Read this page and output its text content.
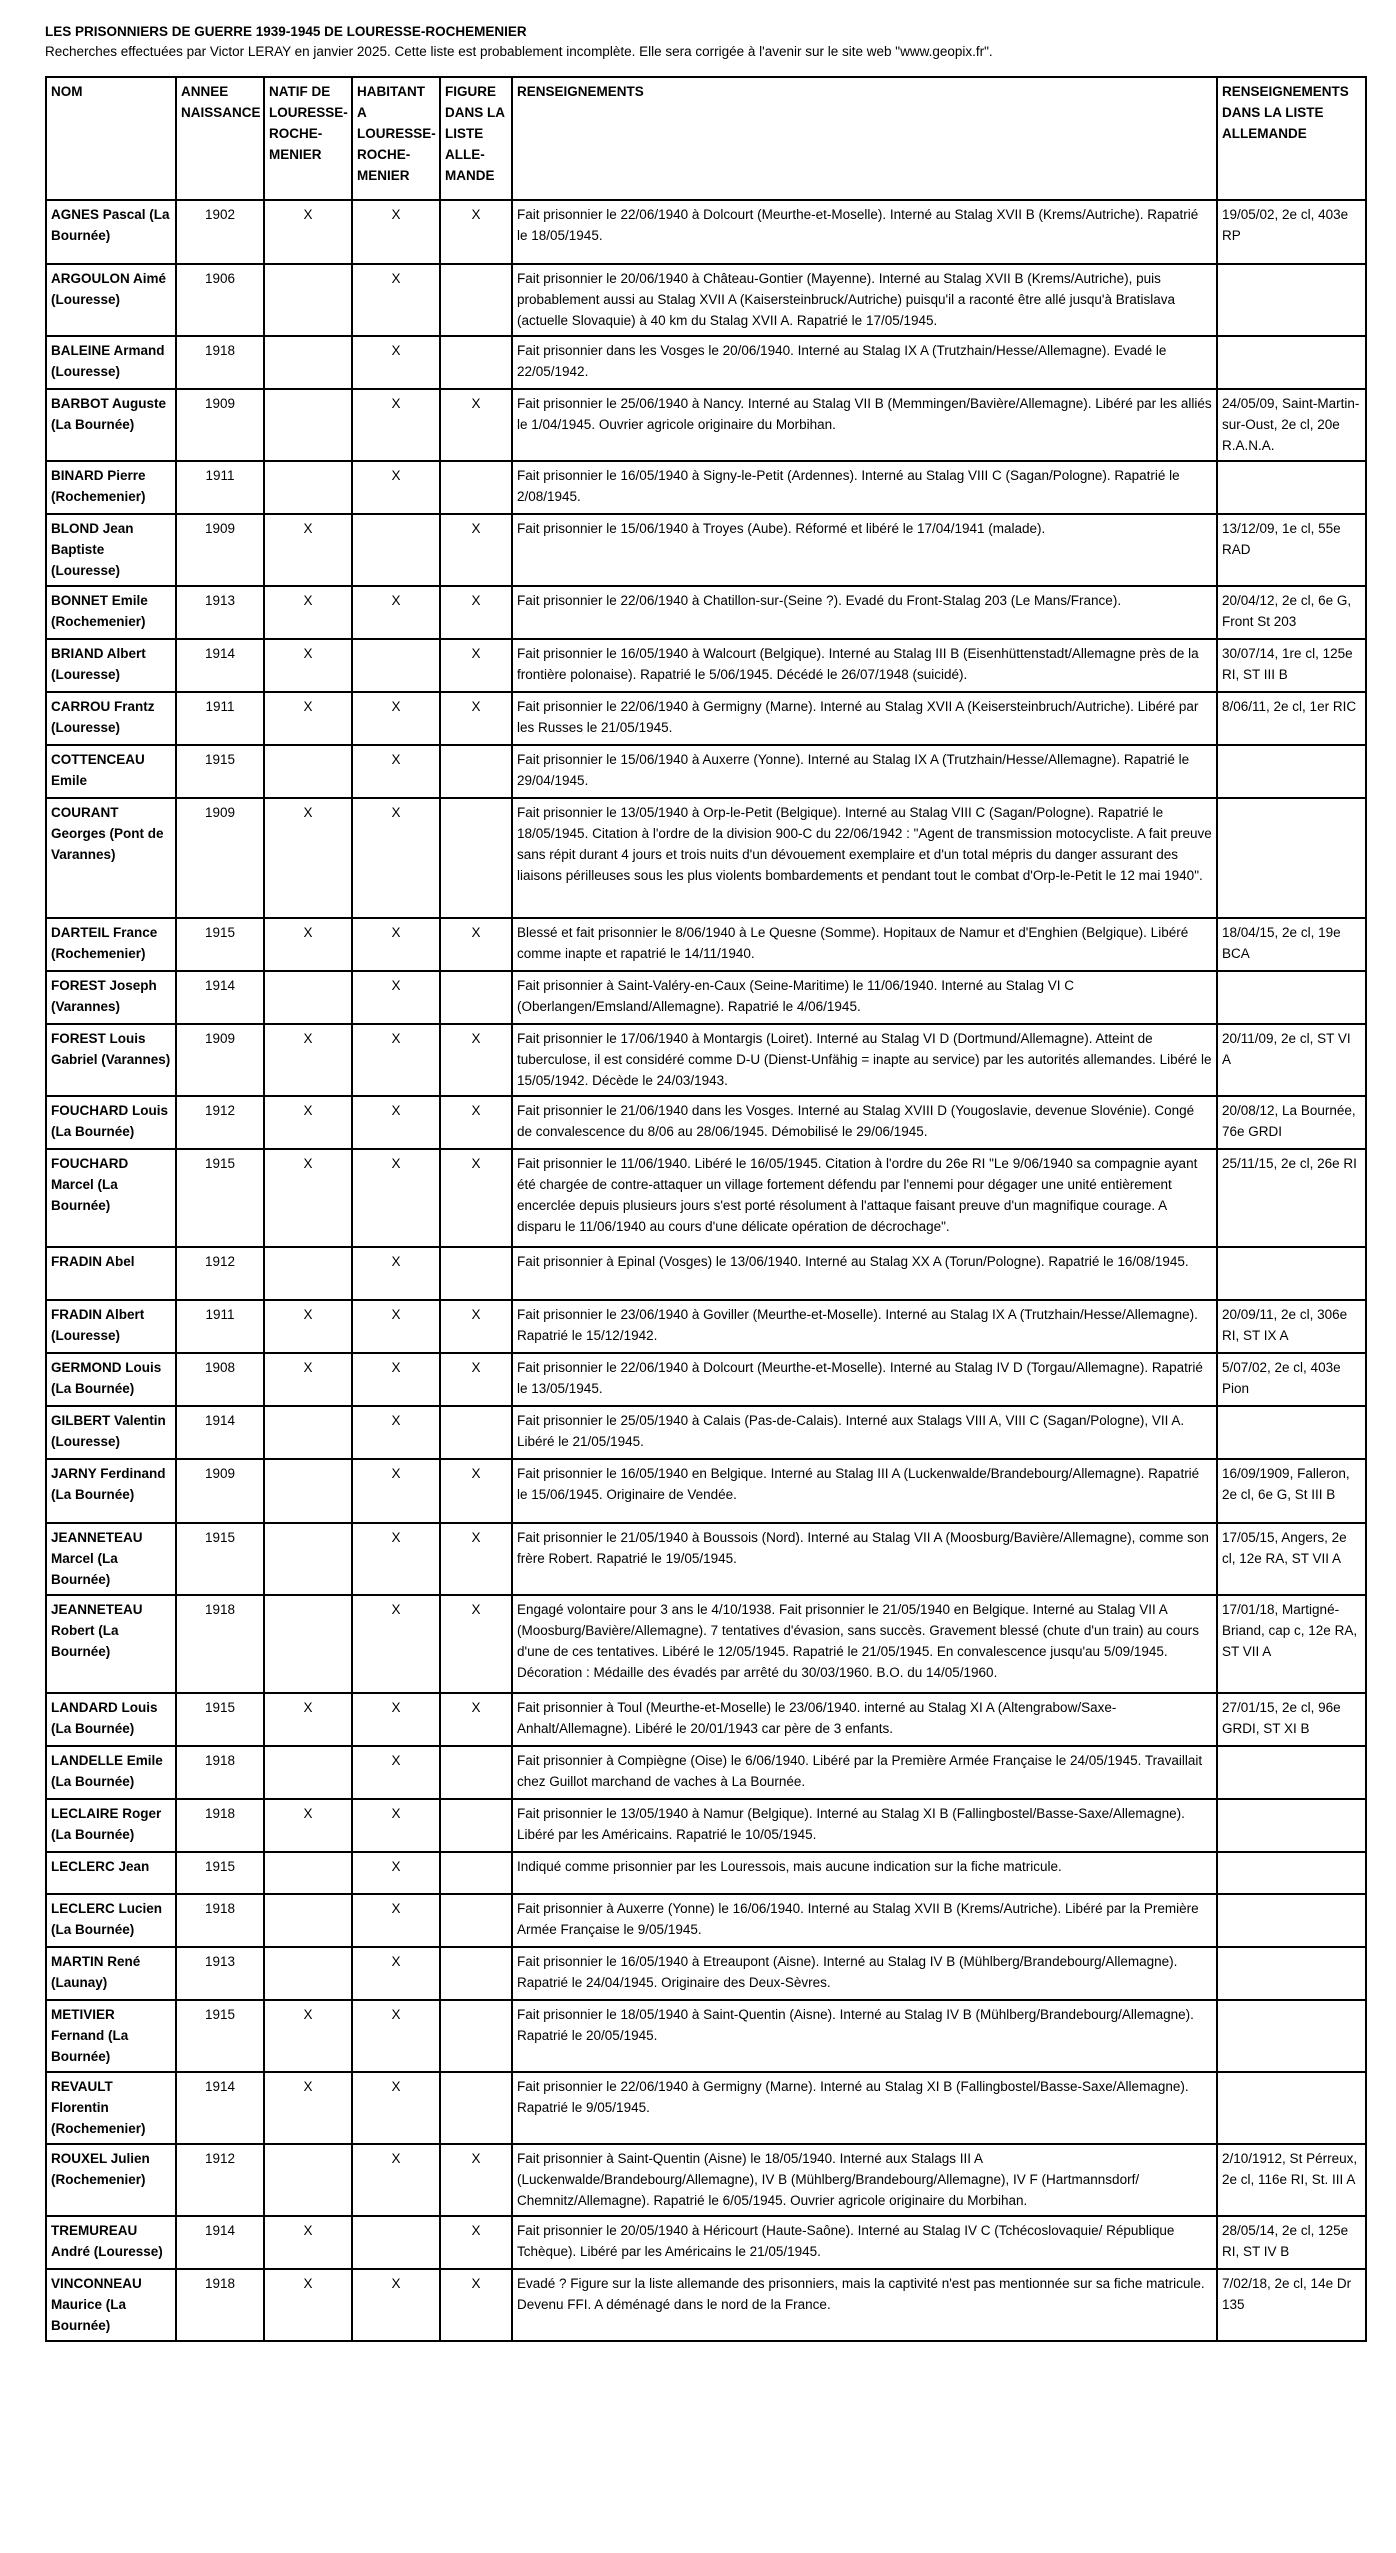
LES PRISONNIERS DE GUERRE 1939-1945 DE LOURESSE-ROCHEMENIER
Recherches effectuées par Victor LERAY en janvier 2025. Cette liste est probablement incomplète. Elle sera corrigée à l'avenir sur le site web "www.geopix.fr".
NOM	ANNEE NAISSANCE	NATIF DE LOURESSE-ROCHE-MENIER	HABITANT A LOURESSE-ROCHE-MENIER	FIGURE DANS LA LISTE ALLE-MANDE	RENSEIGNEMENTS	RENSEIGNEMENTS DANS LA LISTE ALLEMANDE
AGNES Pascal (La Bournée)	1902	X	X	X	Fait prisonnier le 22/06/1940 à Dolcourt (Meurthe-et-Moselle). Interné au Stalag XVII B (Krems/Autriche). Rapatrié le 18/05/1945.	19/05/02, 2e cl, 403e RP
ARGOULON Aimé (Louresse)	1906		X		Fait prisonnier le 20/06/1940 à Château-Gontier (Mayenne). Interné au Stalag XVII B (Krems/Autriche), puis probablement aussi au Stalag XVII A (Kaisersteinbruck/Autriche) puisqu'il a raconté être allé jusqu'à Bratislava (actuelle Slovaquie) à 40 km du Stalag XVII A. Rapatrié le 17/05/1945.	
BALEINE Armand (Louresse)	1918		X		Fait prisonnier dans les Vosges le 20/06/1940. Interné au Stalag IX A (Trutzhain/Hesse/Allemagne). Evadé le 22/05/1942.	
BARBOT Auguste (La Bournée)	1909		X	X	Fait prisonnier le 25/06/1940 à Nancy. Interné au Stalag VII B (Memmingen/Bavière/Allemagne). Libéré par les alliés le 1/04/1945. Ouvrier agricole originaire du Morbihan.	24/05/09, Saint-Martin-sur-Oust, 2e cl, 20e R.A.N.A.
BINARD Pierre (Rochemenier)	1911		X		Fait prisonnier le 16/05/1940 à Signy-le-Petit (Ardennes). Interné au Stalag VIII C (Sagan/Pologne). Rapatrié le 2/08/1945.	
BLOND Jean Baptiste (Louresse)	1909	X		X	Fait prisonnier le 15/06/1940 à Troyes (Aube). Réformé et libéré le 17/04/1941 (malade).	13/12/09, 1e cl, 55e RAD
BONNET Emile (Rochemenier)	1913	X	X	X	Fait prisonnier le 22/06/1940 à Chatillon-sur-(Seine ?). Evadé du Front-Stalag 203 (Le Mans/France).	20/04/12, 2e cl, 6e G, Front St 203
BRIAND Albert (Louresse)	1914	X		X	Fait prisonnier le 16/05/1940 à Walcourt (Belgique). Interné au Stalag III B (Eisenhüttenstadt/Allemagne près de la frontière polonaise). Rapatrié le 5/06/1945. Décédé le 26/07/1948 (suicidé).	30/07/14, 1re cl, 125e RI, ST III B
CARROU Frantz (Louresse)	1911	X	X	X	Fait prisonnier le 22/06/1940 à Germigny (Marne). Interné au Stalag XVII A (Keisersteinbruch/Autriche). Libéré par les Russes le 21/05/1945.	8/06/11, 2e cl, 1er RIC
COTTENCEAU Emile	1915		X		Fait prisonnier le 15/06/1940 à Auxerre (Yonne). Interné au Stalag IX A (Trutzhain/Hesse/Allemagne). Rapatrié le 29/04/1945.	
COURANT Georges (Pont de Varannes)	1909	X	X		Fait prisonnier le 13/05/1940 à Orp-le-Petit (Belgique). Interné au Stalag VIII C (Sagan/Pologne). Rapatrié le 18/05/1945. Citation à l'ordre de la division 900-C du 22/06/1942 : "Agent de transmission motocycliste. A fait preuve sans répit durant 4 jours et trois nuits d'un dévouement exemplaire et d'un total mépris du danger assurant des liaisons périlleuses sous les plus violents bombardements et pendant tout le combat d'Orp-le-Petit le 12 mai 1940".	
DARTEIL France (Rochemenier)	1915	X	X	X	Blessé et fait prisonnier le 8/06/1940 à Le Quesne (Somme). Hopitaux de Namur et d'Enghien (Belgique). Libéré comme inapte et rapatrié le 14/11/1940.	18/04/15, 2e cl, 19e BCA
FOREST Joseph (Varannes)	1914		X		Fait prisonnier à Saint-Valéry-en-Caux (Seine-Maritime) le 11/06/1940. Interné au Stalag VI C (Oberlangen/Emsland/Allemagne). Rapatrié le 4/06/1945.	
FOREST Louis Gabriel (Varannes)	1909	X	X	X	Fait prisonnier le 17/06/1940 à Montargis (Loiret). Interné au Stalag VI D (Dortmund/Allemagne). Atteint de tuberculose, il est considéré comme D-U (Dienst-Unfähig = inapte au service) par les autorités allemandes. Libéré le 15/05/1942. Décède le 24/03/1943.	20/11/09, 2e cl, ST VI A
FOUCHARD Louis (La Bournée)	1912	X	X	X	Fait prisonnier le 21/06/1940 dans les Vosges. Interné au Stalag XVIII D (Yougoslavie, devenue Slovénie). Congé de convalescence du 8/06 au 28/06/1945. Démobilisé le 29/06/1945.	20/08/12, La Bournée, 76e GRDI
FOUCHARD Marcel (La Bournée)	1915	X	X	X	Fait prisonnier le 11/06/1940. Libéré le 16/05/1945. Citation à l'ordre du 26e RI "Le 9/06/1940 sa compagnie ayant été chargée de contre-attaquer un village fortement défendu par l'ennemi pour dégager une unité entièrement encerclée depuis plusieurs jours s'est porté résolument à l'attaque faisant preuve d'un magnifique courage. A disparu le 11/06/1940 au cours d'une délicate opération de décrochage".	25/11/15, 2e cl, 26e RI
FRADIN Abel	1912		X		Fait prisonnier à Epinal (Vosges) le 13/06/1940. Interné au Stalag XX A (Torun/Pologne). Rapatrié le 16/08/1945.	
FRADIN Albert (Louresse)	1911	X	X	X	Fait prisonnier le 23/06/1940 à Goviller (Meurthe-et-Moselle). Interné au Stalag IX A (Trutzhain/Hesse/Allemagne). Rapatrié le 15/12/1942.	20/09/11, 2e cl, 306e RI, ST IX A
GERMOND Louis (La Bournée)	1908	X	X	X	Fait prisonnier le 22/06/1940 à Dolcourt (Meurthe-et-Moselle). Interné au Stalag IV D (Torgau/Allemagne). Rapatrié le 13/05/1945.	5/07/02, 2e cl, 403e Pion
GILBERT Valentin (Louresse)	1914		X		Fait prisonnier le 25/05/1940 à Calais (Pas-de-Calais). Interné aux Stalags VIII A, VIII C (Sagan/Pologne), VII A. Libéré le 21/05/1945.	
JARNY Ferdinand (La Bournée)	1909		X	X	Fait prisonnier le 16/05/1940 en Belgique. Interné au Stalag III A (Luckenwalde/Brandebourg/Allemagne). Rapatrié le 15/06/1945. Originaire de Vendée.	16/09/1909, Falleron, 2e cl, 6e G, St III B
JEANNETEAU Marcel (La Bournée)	1915		X	X	Fait prisonnier le 21/05/1940 à Boussois (Nord). Interné au Stalag VII A (Moosburg/Bavière/Allemagne), comme son frère Robert. Rapatrié le 19/05/1945.	17/05/15, Angers, 2e cl, 12e RA, ST VII A
JEANNETEAU Robert (La Bournée)	1918		X	X	Engagé volontaire pour 3 ans le 4/10/1938. Fait prisonnier le 21/05/1940 en Belgique. Interné au Stalag VII A (Moosburg/Bavière/Allemagne). 7 tentatives d'évasion, sans succès. Gravement blessé (chute d'un train) au cours d'une de ces tentatives. Libéré le 12/05/1945. Rapatrié le 21/05/1945. En convalescence jusqu'au 5/09/1945. Décoration : Médaille des évadés par arrêté du 30/03/1960. B.O. du 14/05/1960.	17/01/18, Martigné-Briand, cap c, 12e RA, ST VII A
LANDARD Louis (La Bournée)	1915	X	X	X	Fait prisonnier à Toul (Meurthe-et-Moselle) le 23/06/1940. interné au Stalag XI A (Altengrabow/Saxe-Anhalt/Allemagne). Libéré le 20/01/1943 car père de 3 enfants.	27/01/15, 2e cl, 96e GRDI, ST XI B
LANDELLE Emile (La Bournée)	1918		X		Fait prisonnier à Compiègne (Oise) le 6/06/1940. Libéré par la Première Armée Française le 24/05/1945. Travaillait chez Guillot marchand de vaches à La Bournée.	
LECLAIRE Roger (La Bournée)	1918	X	X		Fait prisonnier le 13/05/1940 à Namur (Belgique). Interné au Stalag XI B (Fallingbostel/Basse-Saxe/Allemagne). Libéré par les Américains. Rapatrié le 10/05/1945.	
LECLERC Jean	1915		X		Indiqué comme prisonnier par les Louressois, mais aucune indication sur la fiche matricule.	
LECLERC Lucien (La Bournée)	1918		X		Fait prisonnier à Auxerre (Yonne) le 16/06/1940. Interné au Stalag XVII B (Krems/Autriche). Libéré par la Première Armée Française le 9/05/1945.	
MARTIN René (Launay)	1913		X		Fait prisonnier le 16/05/1940 à Etreaupont (Aisne). Interné au Stalag IV B (Mühlberg/Brandebourg/Allemagne). Rapatrié le 24/04/1945. Originaire des Deux-Sèvres.	
METIVIER Fernand (La Bournée)	1915	X	X		Fait prisonnier le 18/05/1940 à Saint-Quentin (Aisne). Interné au Stalag IV B (Mühlberg/Brandebourg/Allemagne). Rapatrié le 20/05/1945.	
REVAULT Florentin (Rochemenier)	1914	X	X		Fait prisonnier le 22/06/1940 à Germigny (Marne). Interné au Stalag XI B (Fallingbostel/Basse-Saxe/Allemagne). Rapatrié le 9/05/1945.	
ROUXEL Julien (Rochemenier)	1912		X	X	Fait prisonnier à Saint-Quentin (Aisne) le 18/05/1940. Interné aux Stalags III A (Luckenwalde/Brandebourg/Allemagne), IV B (Mühlberg/Brandebourg/Allemagne), IV F (Hartmannsdorf/ Chemnitz/Allemagne). Rapatrié le 6/05/1945. Ouvrier agricole originaire du Morbihan.	2/10/1912, St Pérreux, 2e cl, 116e RI, St. III A
TREMUREAU André (Louresse)	1914	X		X	Fait prisonnier le 20/05/1940 à Héricourt (Haute-Saône). Interné au Stalag IV C (Tchécoslovaquie/ République Tchèque). Libéré par les Américains le 21/05/1945.	28/05/14, 2e cl, 125e RI, ST IV B
VINCONNEAU Maurice (La Bournée)	1918	X	X	X	Evadé ? Figure sur la liste allemande des prisonniers, mais la captivité n'est pas mentionnée sur sa fiche matricule. Devenu FFI. A déménagé dans le nord de la France.	7/02/18, 2e cl, 14e Dr 135
